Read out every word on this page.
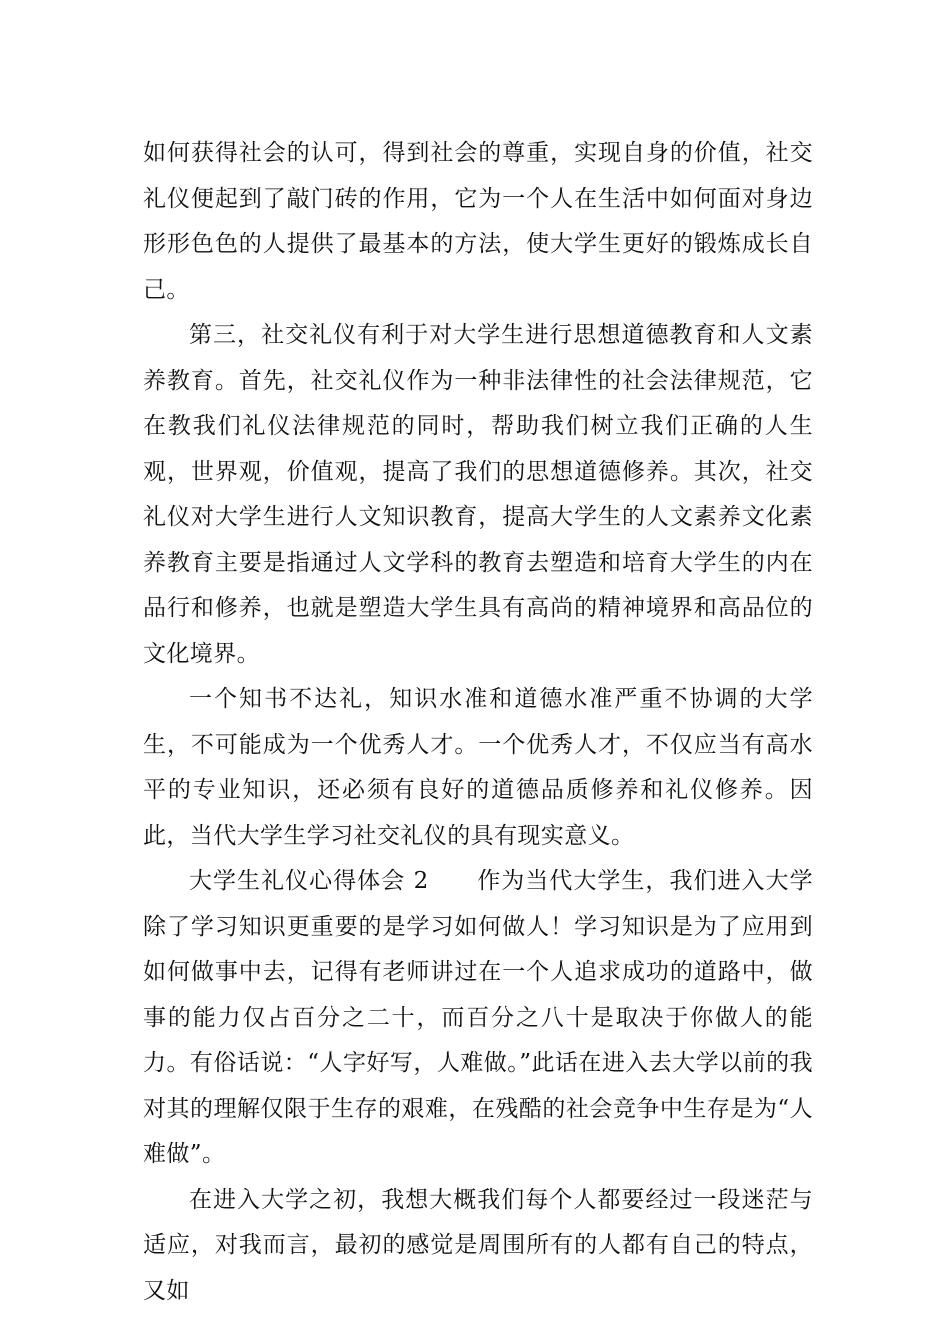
如何获得社会的认可，得到社会的尊重，实现自身的价值，社交礼仪便起到了敲门砖的作用，它为一个人在生活中如何面对身边形形色色的人提供了最基本的方法，使大学生更好的锻炼成长自己。

第三，社交礼仪有利于对大学生进行思想道德教育和人文素养教育。首先，社交礼仪作为一种非法律性的社会法律规范，它在教我们礼仪法律规范的同时，帮助我们树立我们正确的人生观，世界观，价值观，提高了我们的思想道德修养。其次，社交礼仪对大学生进行人文知识教育，提高大学生的人文素养文化素养教育主要是指通过人文学科的教育去塑造和培育大学生的内在品行和修养，也就是塑造大学生具有高尚的精神境界和高品位的文化境界。

一个知书不达礼，知识水准和道德水准严重不协调的大学生，不可能成为一个优秀人才。一个优秀人才，不仅应当有高水平的专业知识，还必须有良好的道德品质修养和礼仪修养。因此，当代大学生学习社交礼仪的具有现实意义。

大学生礼仪心得体会 2 作为当代大学生，我们进入大学除了学习知识更重要的是学习如何做人！学习知识是为了应用到如何做事中去，记得有老师讲过在一个人追求成功的道路中，做事的能力仅占百分之二十，而百分之八十是取决于你做人的能力。有俗话说：“人字好写，人难做。”此话在进入去大学以前的我对其的理解仅限于生存的艰难，在残酷的社会竞争中生存是为“人难做”。

在进入大学之初，我想大概我们每个人都要经过一段迷茫与适应，对我而言，最初的感觉是周围所有的人都有自己的特点，又如
